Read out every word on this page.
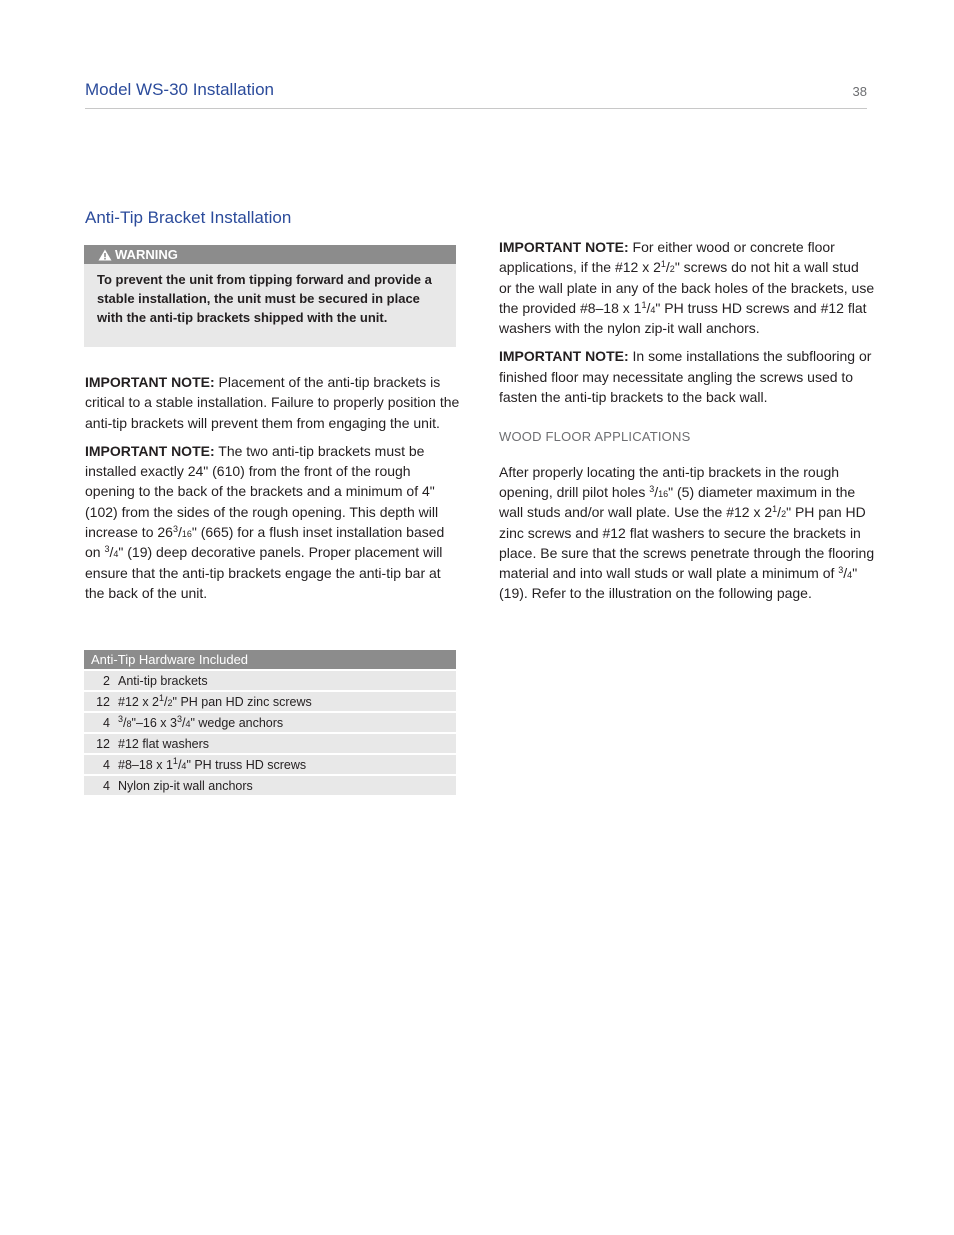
Model WS-30 Installation	38
Anti-Tip Bracket Installation
WARNING
To prevent the unit from tipping forward and provide a stable installation, the unit must be secured in place with the anti-tip brackets shipped with the unit.

IMPORTANT NOTE: Placement of the anti-tip brackets is critical to a stable installation. Failure to properly position the anti-tip brackets will prevent them from engaging the unit.

IMPORTANT NOTE: The two anti-tip brackets must be installed exactly 24" (610) from the front of the rough opening to the back of the brackets and a minimum of 4" (102) from the sides of the rough opening. This depth will increase to $26^3/16$" (665) for a flush inset installation based on $^3$/4" (19) deep decorative panels. Proper placement will ensure that the anti-tip brackets engage the anti-tip bar at the back of the unit.

Anti-Tip Hardware Included	
2	Anti-tip brackets
12	#12 x $2^1/2$" PH pan HD zinc screws
4	$^3$/8"–16 x $3^3/4$" wedge anchors
12	#12 flat washers
4	#8–18 x $1^1/4$" PH truss HD screws
4	Nylon zip-it wall anchors

IMPORTANT NOTE: For either wood or concrete floor applications, if the #12 x $2^1/2$" screws do not hit a wall stud or the wall plate in any of the back holes of the brackets, use the provided #8–18 x $1^1/4$" PH truss HD screws and #12 flat washers with the nylon zip-it wall anchors.

IMPORTANT NOTE: In some installations the subflooring or finished floor may necessitate angling the screws used to fasten the anti-tip brackets to the back wall.

WOOD FLOOR APPLICATIONS

After properly locating the anti-tip brackets in the rough opening, drill pilot holes $^3$/16" (5) diameter maximum in the wall studs and/or wall plate. Use the #12 x $2^1/2$" PH pan HD zinc screws and #12 flat washers to secure the brackets in place. Be sure that the screws penetrate through the flooring material and into wall studs or wall plate a minimum of $^3$/4" (19). Refer to the illustration on the following page.
